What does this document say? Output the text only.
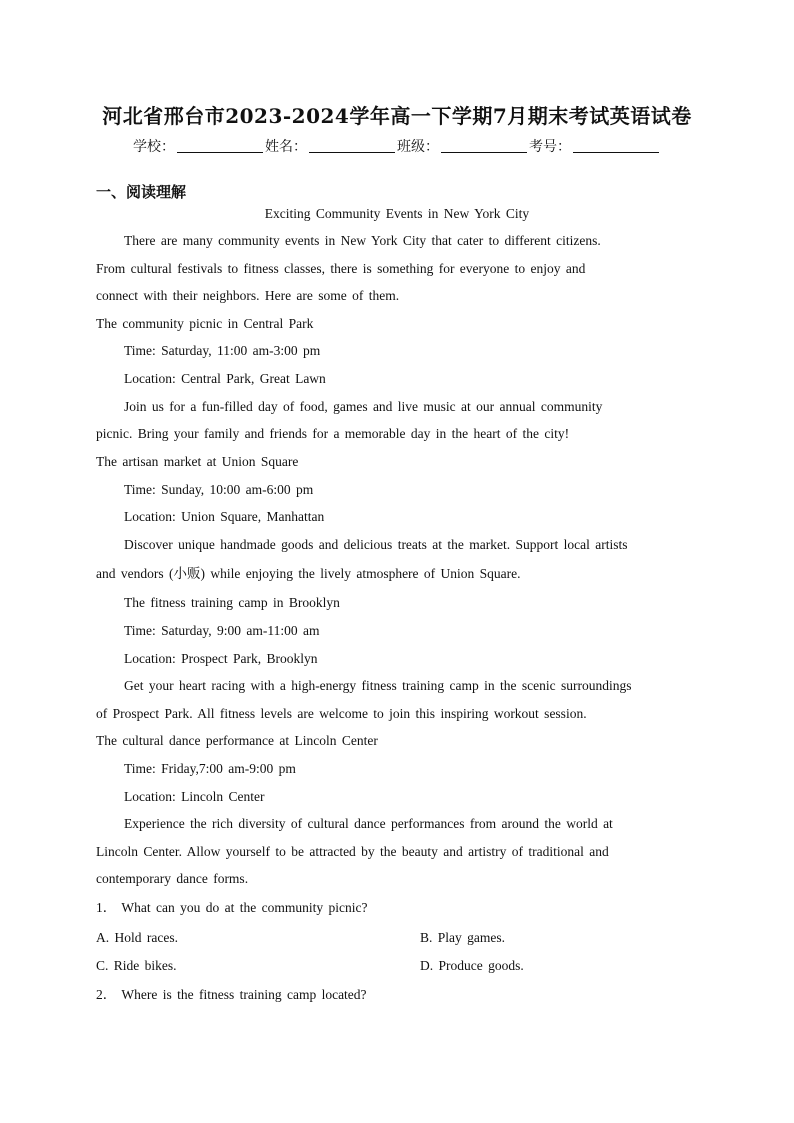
河北省邢台市2023-2024学年高一下学期7月期末考试英语试卷
学校：	姓名：	班级：	考号：
一、阅读理解
Exciting Community Events in New York City
There are many community events in New York City that cater to different citizens.
From cultural festivals to fitness classes, there is something for everyone to enjoy and
connect with their neighbors. Here are some of them.
The community picnic in Central Park
Time: Saturday, 11:00 am-3:00 pm
Location: Central Park, Great Lawn
Join us for a fun-filled day of food, games and live music at our annual community
picnic. Bring your family and friends for a memorable day in the heart of the city!
The artisan market at Union Square
Time: Sunday, 10:00 am-6:00 pm
Location: Union Square, Manhattan
Discover unique handmade goods and delicious treats at the market. Support local artists
and vendors (小贩) while enjoying the lively atmosphere of Union Square.
The fitness training camp in Brooklyn
Time: Saturday, 9:00 am-11:00 am
Location: Prospect Park, Brooklyn
Get your heart racing with a high-energy fitness training camp in the scenic surroundings
of Prospect Park. All fitness levels are welcome to join this inspiring workout session.
The cultural dance performance at Lincoln Center
Time: Friday,7:00 am-9:00 pm
Location: Lincoln Center
Experience the rich diversity of cultural dance performances from around the world at
Lincoln Center. Allow yourself to be attracted by the beauty and artistry of traditional and
contemporary dance forms.
1． What can you do at the community picnic?
A. Hold races.	B. Play games.
C. Ride bikes.	D. Produce goods.
2． Where is the fitness training camp located?
